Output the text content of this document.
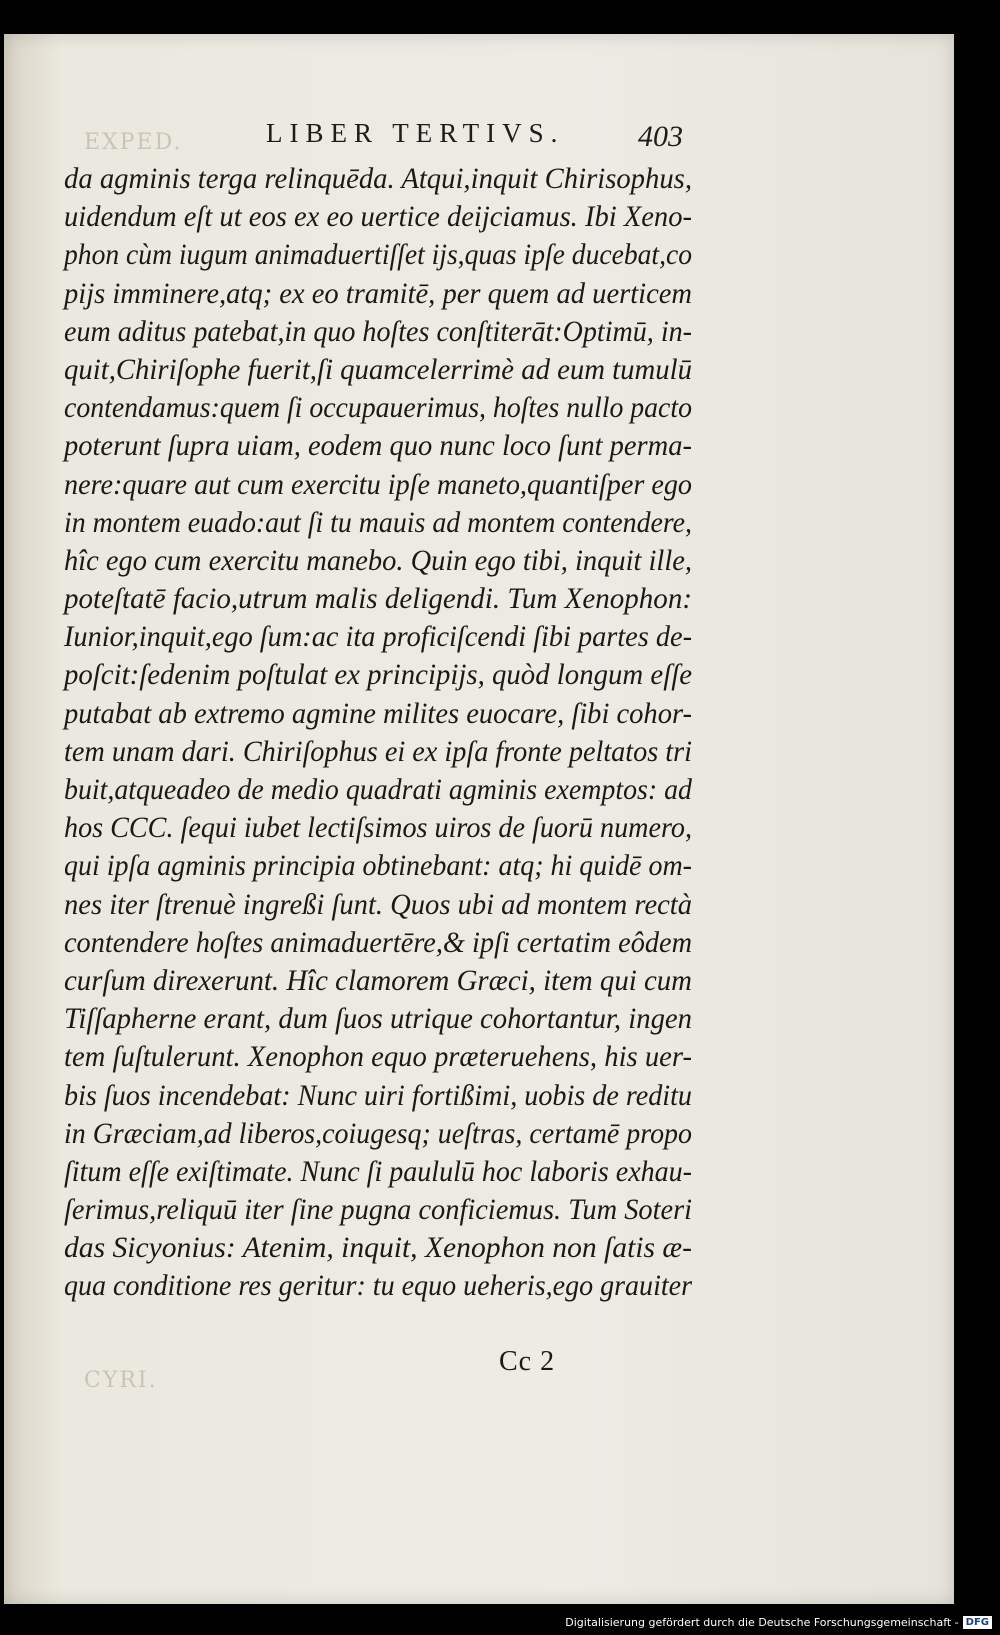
EXPED.
CYRI.
LIBER TERTIVS. 403
da agminis terga relinquēda. Atqui,inquit Chirisophus,
uidendum eſt ut eos ex eo uertice deijciamus. Ibi Xeno-
phon cùm iugum animaduertiſſet ijs,quas ipſe ducebat,co
pijs imminere,atq; ex eo tramitē, per quem ad uerticem
eum aditus patebat,in quo hoſtes conſtiterāt:Optimū, in-
quit,Chiriſophe fuerit,ſi quamcelerrimè ad eum tumulū
contendamus:quem ſi occupauerimus, hoſtes nullo pacto
poterunt ſupra uiam, eodem quo nunc loco ſunt perma-
nere:quare aut cum exercitu ipſe maneto,quantiſper ego
in montem euado:aut ſi tu mauis ad montem contendere,
hîc ego cum exercitu manebo. Quin ego tibi, inquit ille,
poteſtatē facio,utrum malis deligendi. Tum Xenophon:
Iunior,inquit,ego ſum:ac ita proficiſcendi ſibi partes de-
poſcit:ſedenim poſtulat ex principijs, quòd longum eſſe
putabat ab extremo agmine milites euocare, ſibi cohor-
tem unam dari. Chiriſophus ei ex ipſa fronte peltatos tri
buit,atqueadeo de medio quadrati agminis exemptos: ad
hos CCC. ſequi iubet lectiſsimos uiros de ſuorū numero,
qui ipſa agminis principia obtinebant: atq; hi quidē om-
nes iter ſtrenuè ingreßi ſunt. Quos ubi ad montem rectà
contendere hoſtes animaduertēre,& ipſi certatim eôdem
curſum direxerunt. Hîc clamorem Græci, item qui cum
Tiſſapherne erant, dum ſuos utrique cohortantur, ingen
tem ſuſtulerunt. Xenophon equo præteruehens, his uer-
bis ſuos incendebat: Nunc uiri fortißimi, uobis de reditu
in Græciam,ad liberos,coiugesq; ueſtras, certamē propo
ſitum eſſe exiſtimate. Nunc ſi paululū hoc laboris exhau-
ſerimus,reliquū iter ſine pugna conficiemus. Tum Soteri
das Sicyonius: Atenim, inquit, Xenophon non ſatis æ-
qua conditione res geritur: tu equo ueheris,ego grauiter
Cc 2
Digitalisierung gefördert durch die Deutsche Forschungsgemeinschaft - DFG
